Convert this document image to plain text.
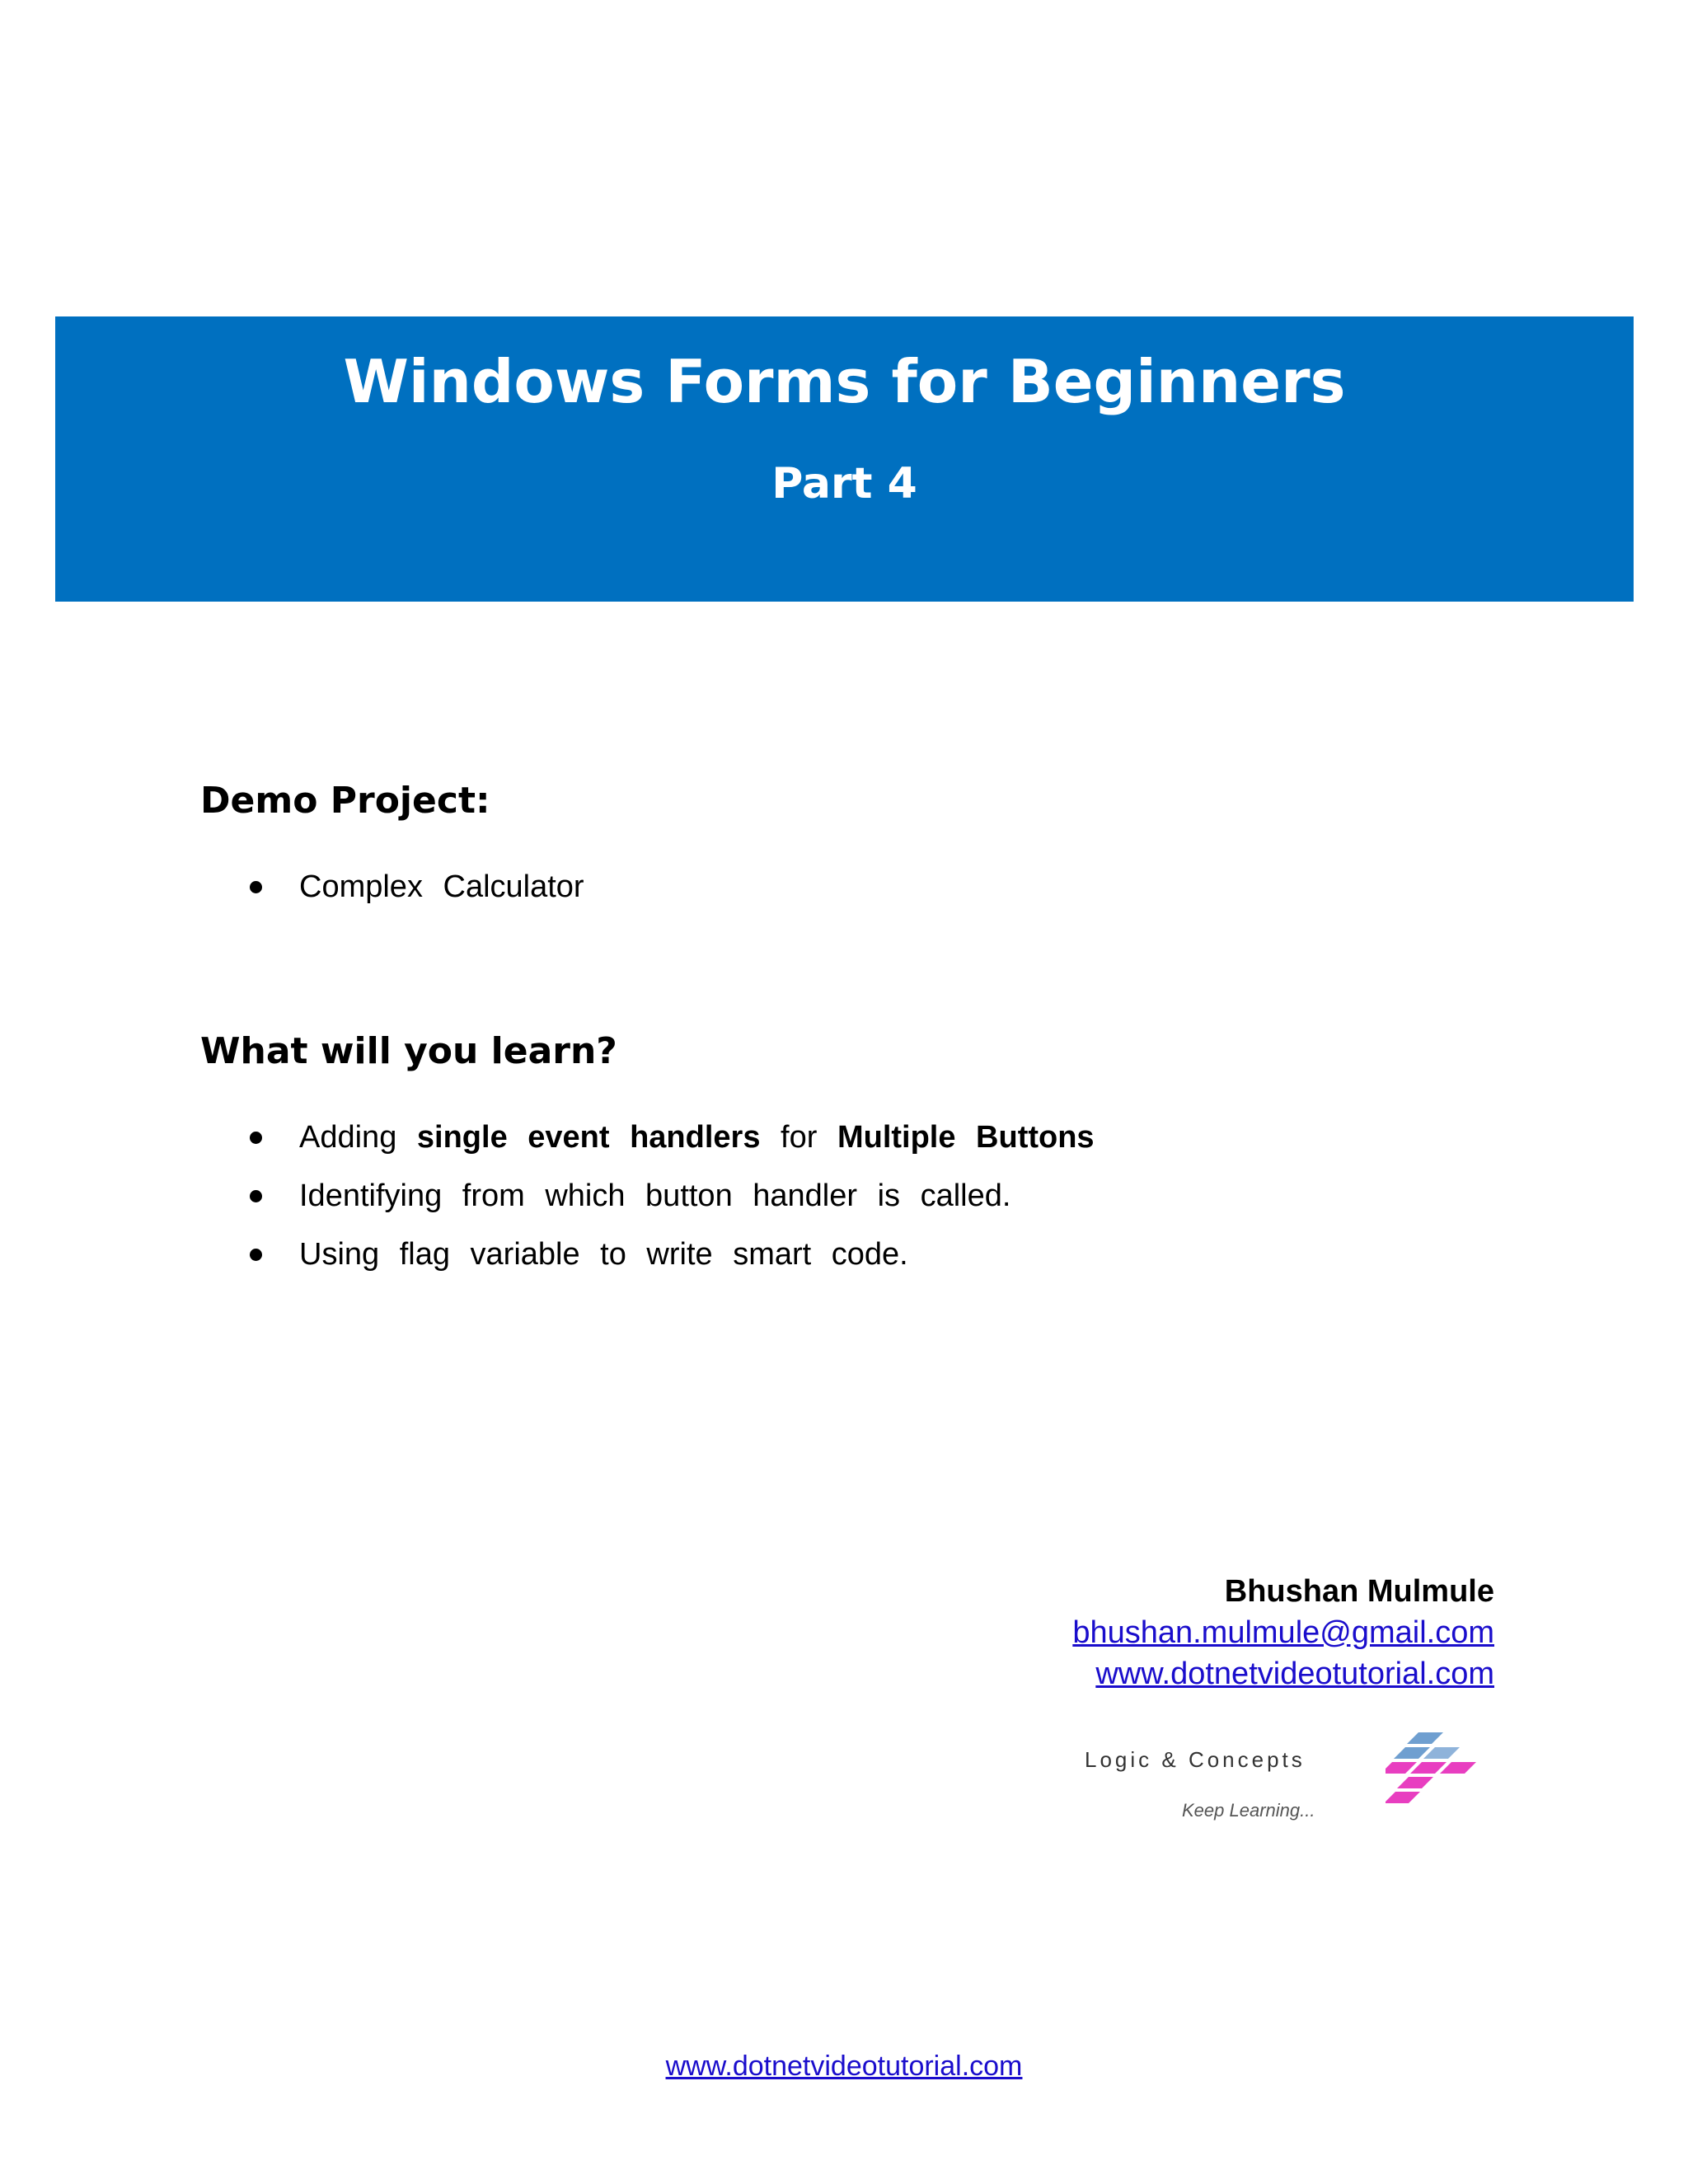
Windows Forms for Beginners
Part 4
Demo Project:
Complex Calculator
What will you learn?
Adding single event handlers for Multiple Buttons
Identifying from which button handler is called.
Using flag variable to write smart code.
Bhushan Mulmule
bhushan.mulmule@gmail.com
www.dotnetvideotutorial.com
Logic & Concepts
Keep Learning...
www.dotnetvideotutorial.com
